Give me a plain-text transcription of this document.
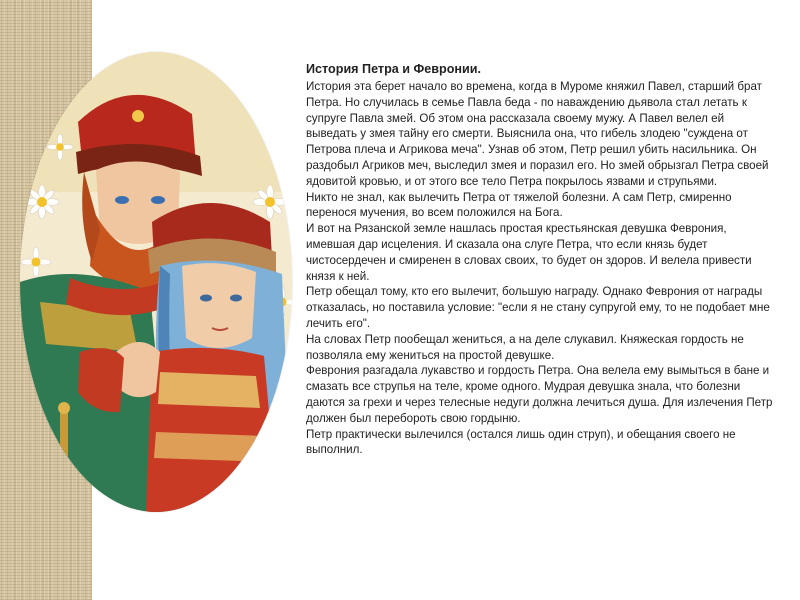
История Петра и Февронии.

История эта берет начало во времена, когда в Муроме княжил Павел, старший брат Петра. Но случилась в семье Павла беда - по наваждению дьявола стал летать к супруге Павла змей. Об этом она рассказала своему мужу. А Павел велел ей выведать у змея тайну его смерти. Выяснила она, что гибель злодею "суждена от Петрова плеча и Агрикова меча". Узнав об этом, Петр решил убить насильника. Он раздобыл Агриков меч, выследил змея и поразил его. Но змей обрызгал Петра своей ядовитой кровью, и от этого все тело Петра покрылось язвами и струпьями.

Никто не знал, как вылечить Петра от тяжелой болезни. А сам Петр, смиренно перенося мучения, во всем положился на Бога.

И вот на Рязанской земле нашлась простая крестьянская девушка Феврония, имевшая дар исцеления. И сказала она слуге Петра, что если князь будет чистосердечен и смиренен в словах своих, то будет он здоров. И велела привести князя к ней.

Петр обещал тому, кто его вылечит, большую награду. Однако Феврония от награды отказалась, но поставила условие: "если я не стану супругой ему, то не подобает мне лечить его".

На словах Петр пообещал жениться, а на деле слукавил. Княжеская гордость не позволяла ему жениться на простой девушке.

Феврония разгадала лукавство и гордость Петра. Она велела ему вымыться в бане и смазать все струпья на теле, кроме одного. Мудрая девушка знала, что болезни даются за грехи и через телесные недуги должна лечиться душа. Для излечения Петр должен был перебороть свою гордыню.

Петр практически вылечился (остался лишь один струп), и обещания своего не выполнил.
